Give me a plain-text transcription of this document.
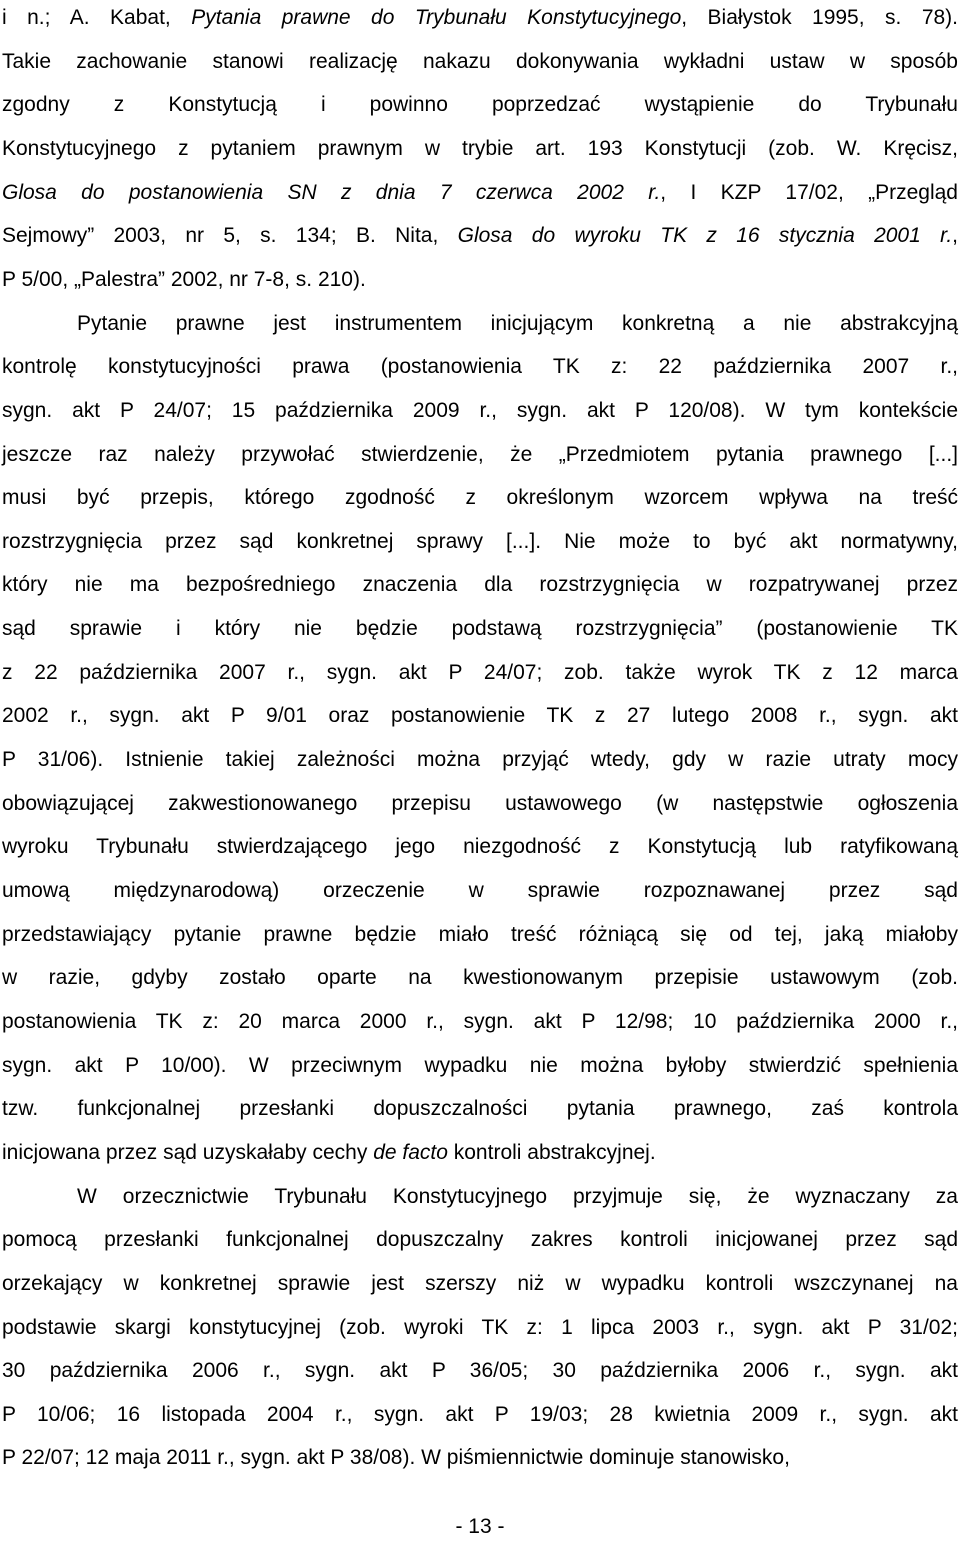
i n.; A. Kabat, Pytania prawne do Trybunału Konstytucyjnego, Białystok 1995, s. 78).
Takie zachowanie stanowi realizację nakazu dokonywania wykładni ustaw w sposób
zgodny z Konstytucją i powinno poprzedzać wystąpienie do Trybunału
Konstytucyjnego z pytaniem prawnym w trybie art. 193 Konstytucji (zob. W. Kręcisz,
Glosa do postanowienia SN z dnia 7 czerwca 2002 r., I KZP 17/02, „Przegląd
Sejmowy” 2003, nr 5, s. 134; B. Nita, Glosa do wyroku TK z 16 stycznia 2001 r.,
P 5/00, „Palestra” 2002, nr 7-8, s. 210).
Pytanie prawne jest instrumentem inicjującym konkretną a nie abstrakcyjną
kontrolę konstytucyjności prawa (postanowienia TK z: 22 października 2007 r.,
sygn. akt P 24/07; 15 października 2009 r., sygn. akt P 120/08). W tym kontekście
jeszcze raz należy przywołać stwierdzenie, że „Przedmiotem pytania prawnego [...]
musi być przepis, którego zgodność z określonym wzorcem wpływa na treść
rozstrzygnięcia przez sąd konkretnej sprawy [...]. Nie może to być akt normatywny,
który nie ma bezpośredniego znaczenia dla rozstrzygnięcia w rozpatrywanej przez
sąd sprawie i który nie będzie podstawą rozstrzygnięcia” (postanowienie TK
z 22 października 2007 r., sygn. akt P 24/07; zob. także wyrok TK z 12 marca
2002 r., sygn. akt P 9/01 oraz postanowienie TK z 27 lutego 2008 r., sygn. akt
P 31/06). Istnienie takiej zależności można przyjąć wtedy, gdy w razie utraty mocy
obowiązującej zakwestionowanego przepisu ustawowego (w następstwie ogłoszenia
wyroku Trybunału stwierdzającego jego niezgodność z Konstytucją lub ratyfikowaną
umową międzynarodową) orzeczenie w sprawie rozpoznawanej przez sąd
przedstawiający pytanie prawne będzie miało treść różniącą się od tej, jaką miałoby
w razie, gdyby zostało oparte na kwestionowanym przepisie ustawowym (zob.
postanowienia TK z: 20 marca 2000 r., sygn. akt P 12/98; 10 października 2000 r.,
sygn. akt P 10/00). W przeciwnym wypadku nie można byłoby stwierdzić spełnienia
tzw. funkcjonalnej przesłanki dopuszczalności pytania prawnego, zaś kontrola
inicjowana przez sąd uzyskałaby cechy de facto kontroli abstrakcyjnej.
W orzecznictwie Trybunału Konstytucyjnego przyjmuje się, że wyznaczany za
pomocą przesłanki funkcjonalnej dopuszczalny zakres kontroli inicjowanej przez sąd
orzekający w konkretnej sprawie jest szerszy niż w wypadku kontroli wszczynanej na
podstawie skargi konstytucyjnej (zob. wyroki TK z: 1 lipca 2003 r., sygn. akt P 31/02;
30 października 2006 r., sygn. akt P 36/05; 30 października 2006 r., sygn. akt
P 10/06; 16 listopada 2004 r., sygn. akt P 19/03; 28 kwietnia 2009 r., sygn. akt
P 22/07; 12 maja 2011 r., sygn. akt P 38/08). W piśmiennictwie dominuje stanowisko,
- 13 -
